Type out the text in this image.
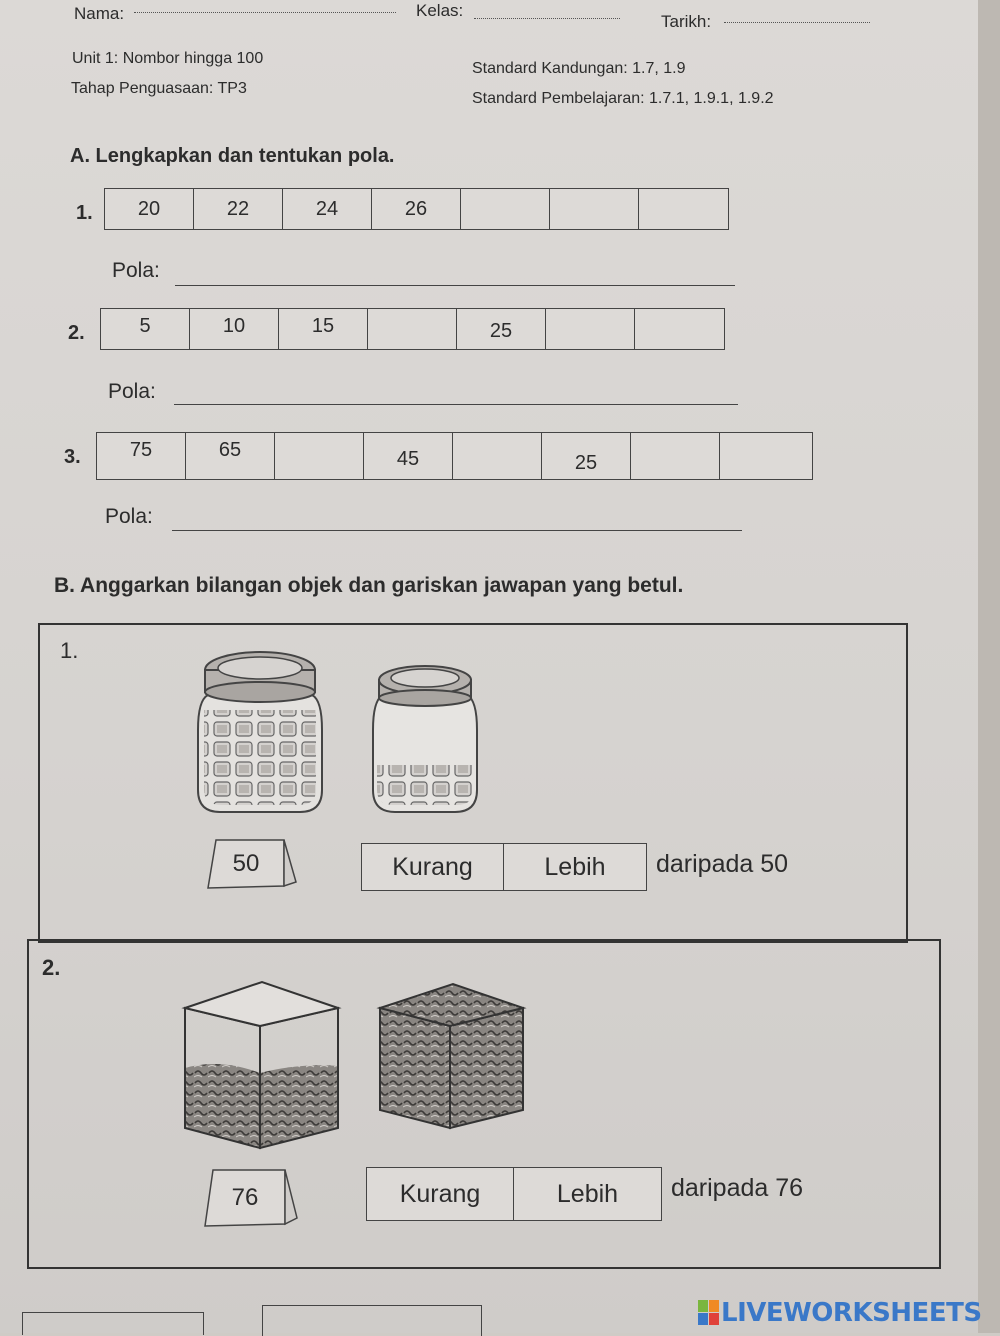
Nama:	Kelas:
Tarikh:
Unit 1: Nombor hingga 100
Tahap Penguasaan: TP3
Standard Kandungan: 1.7, 1.9
Standard Pembelajaran: 1.7.1, 1.9.1, 1.9.2
A. Lengkapkan dan tentukan pola.
1.	20	22	24	26
Pola:
2.	5	10	15	25
Pola:
3.	75	65	45	25
Pola:
B. Anggarkan bilangan objek dan gariskan jawapan yang betul.
1.
50	Kurang	Lebih	daripada 50
2.
76	Kurang	Lebih	daripada 76
LIVEWORKSHEETS
